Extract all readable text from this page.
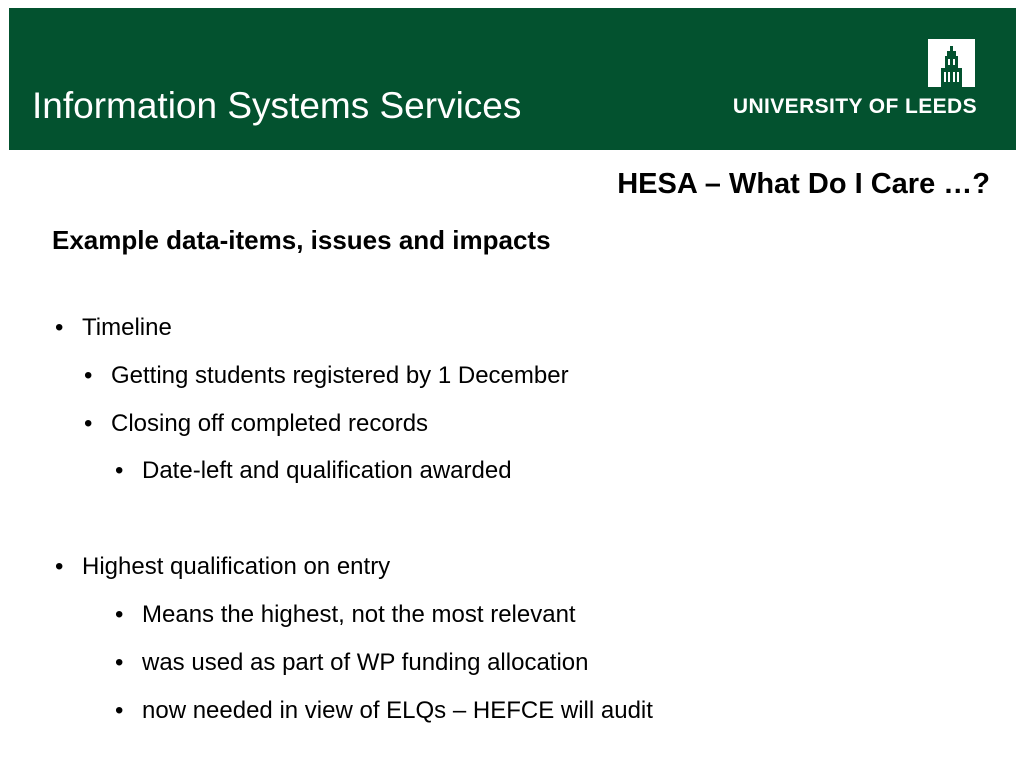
Information Systems Services	UNIVERSITY OF LEEDS
HESA – What Do I Care …?
Example data-items, issues and impacts
• Timeline
• Getting students registered by 1 December
• Closing off completed records
• Date-left and qualification awarded
• Highest qualification on entry
• Means the highest, not the most relevant
• was used as part of WP funding allocation
• now needed in view of ELQs – HEFCE will audit
